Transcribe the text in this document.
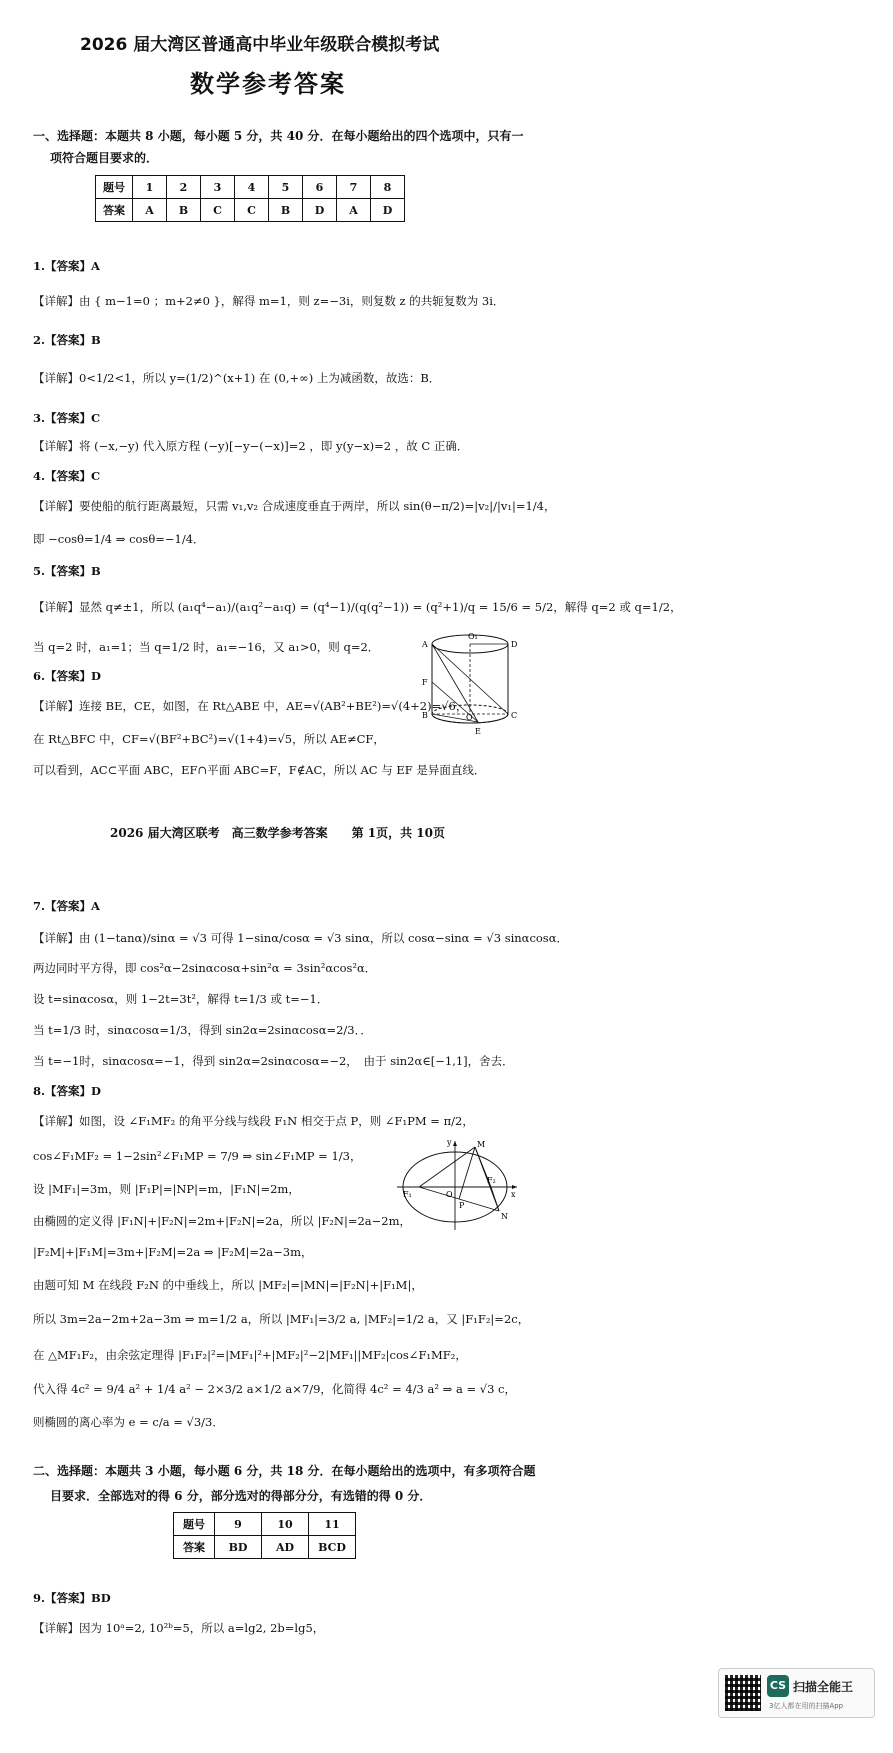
2026 届大湾区普通高中毕业年级联合模拟考试
数学参考答案
一、选择题：本题共 8 小题，每小题 5 分，共 40 分．在每小题给出的四个选项中，只有一
项符合题目要求的．
题号	1	2	3	4	5	6	7	8
答案	A	B	C	C	B	D	A	D
1.【答案】A
【详解】由 { m−1=0 ；m+2≠0 }，解得 m=1，则 z=−3i，则复数 z 的共轭复数为 3i．
2.【答案】B
【详解】0<1/2<1，所以 y=(1/2)^(x+1) 在 (0,+∞) 上为减函数，故选：B．
3.【答案】C
【详解】将 (−x,−y) 代入原方程 (−y)[−y−(−x)]=2 ，即 y(y−x)=2 ，故 C 正确．
4.【答案】C
【详解】要使船的航行距离最短，只需 v₁,v₂ 合成速度垂直于两岸，所以 sin(θ−π/2)=|v₂|/|v₁|=1/4，
即 −cosθ=1/4 ⇒ cosθ=−1/4．
5.【答案】B
【详解】显然 q≠±1，所以 (a₁q⁴−a₁)/(a₁q²−a₁q) = (q⁴−1)/(q(q²−1)) = (q²+1)/q = 15/6 = 5/2，解得 q=2 或 q=1/2，
当 q=2 时，a₁=1；当 q=1/2 时，a₁=−16，又 a₁>0，则 q=2．
6.【答案】D
【详解】连接 BE，CE，如图，在 Rt△ABE 中，AE=√(AB²+BE²)=√(4+2)=√6，
在 Rt△BFC 中，CF=√(BF²+BC²)=√(1+4)=√5，所以 AE≠CF，
可以看到，AC⊂平面 ABC，EF∩平面 ABC=F，F∉AC，所以 AC 与 EF 是异面直线．
O₁
A	D
F
B	O	C
E
2026 届大湾区联考　高三数学参考答案　　第 1页，共 10页
7.【答案】A
【详解】由 (1−tanα)/sinα = √3 可得 1−sinα/cosα = √3 sinα，所以 cosα−sinα = √3 sinαcosα．
两边同时平方得，即 cos²α−2sinαcosα+sin²α = 3sin²αcos²α．
设 t=sinαcosα，则 1−2t=3t²，解得 t=1/3 或 t=−1．
当 t=1/3 时，sinαcosα=1/3，得到 sin2α=2sinαcosα=2/3．．
当 t=−1时，sinαcosα=−1，得到 sin2α=2sinαcosα=−2，　由于 sin2α∈[−1,1]，舍去．
8.【答案】D
【详解】如图，设 ∠F₁MF₂ 的角平分线与线段 F₁N 相交于点 P，则 ∠F₁PM = π/2，
cos∠F₁MF₂ = 1−2sin²∠F₁MP = 7/9 ⇒ sin∠F₁MP = 1/3，
设 |MF₁|=3m，则 |F₁P|=|NP|=m，|F₁N|=2m，
由椭圆的定义得 |F₁N|+|F₂N|=2m+|F₂N|=2a，所以 |F₂N|=2a−2m，
|F₂M|+|F₁M|=3m+|F₂M|=2a ⇒ |F₂M|=2a−3m，
由题可知 M 在线段 F₂N 的中垂线上，所以 |MF₂|=|MN|=|F₂N|+|F₁M|，
所以 3m=2a−2m+2a−3m ⇒ m=1/2 a，所以 |MF₁|=3/2 a, |MF₂|=1/2 a，又 |F₁F₂|=2c，
在 △MF₁F₂，由余弦定理得 |F₁F₂|²=|MF₁|²+|MF₂|²−2|MF₁||MF₂|cos∠F₁MF₂，
代入得 4c² = 9/4 a² + 1/4 a² − 2×3/2 a×1/2 a×7/9，化简得 4c² = 4/3 a² ⇒ a = √3 c，
则椭圆的离心率为 e = c/a = √3/3．
y	M
F₁	O
F₂
x
P
N
二、选择题：本题共 3 小题，每小题 6 分，共 18 分．在每小题给出的选项中，有多项符合题
目要求．全部选对的得 6 分，部分选对的得部分分，有选错的得 0 分．
题号	9	10	11
答案	BD	AD	BCD
9.【答案】BD
【详解】因为 10ᵃ=2, 10²ᵇ=5，所以 a=lg2, 2b=lg5，
CS 扫描全能王
3亿人都在用的扫描App
